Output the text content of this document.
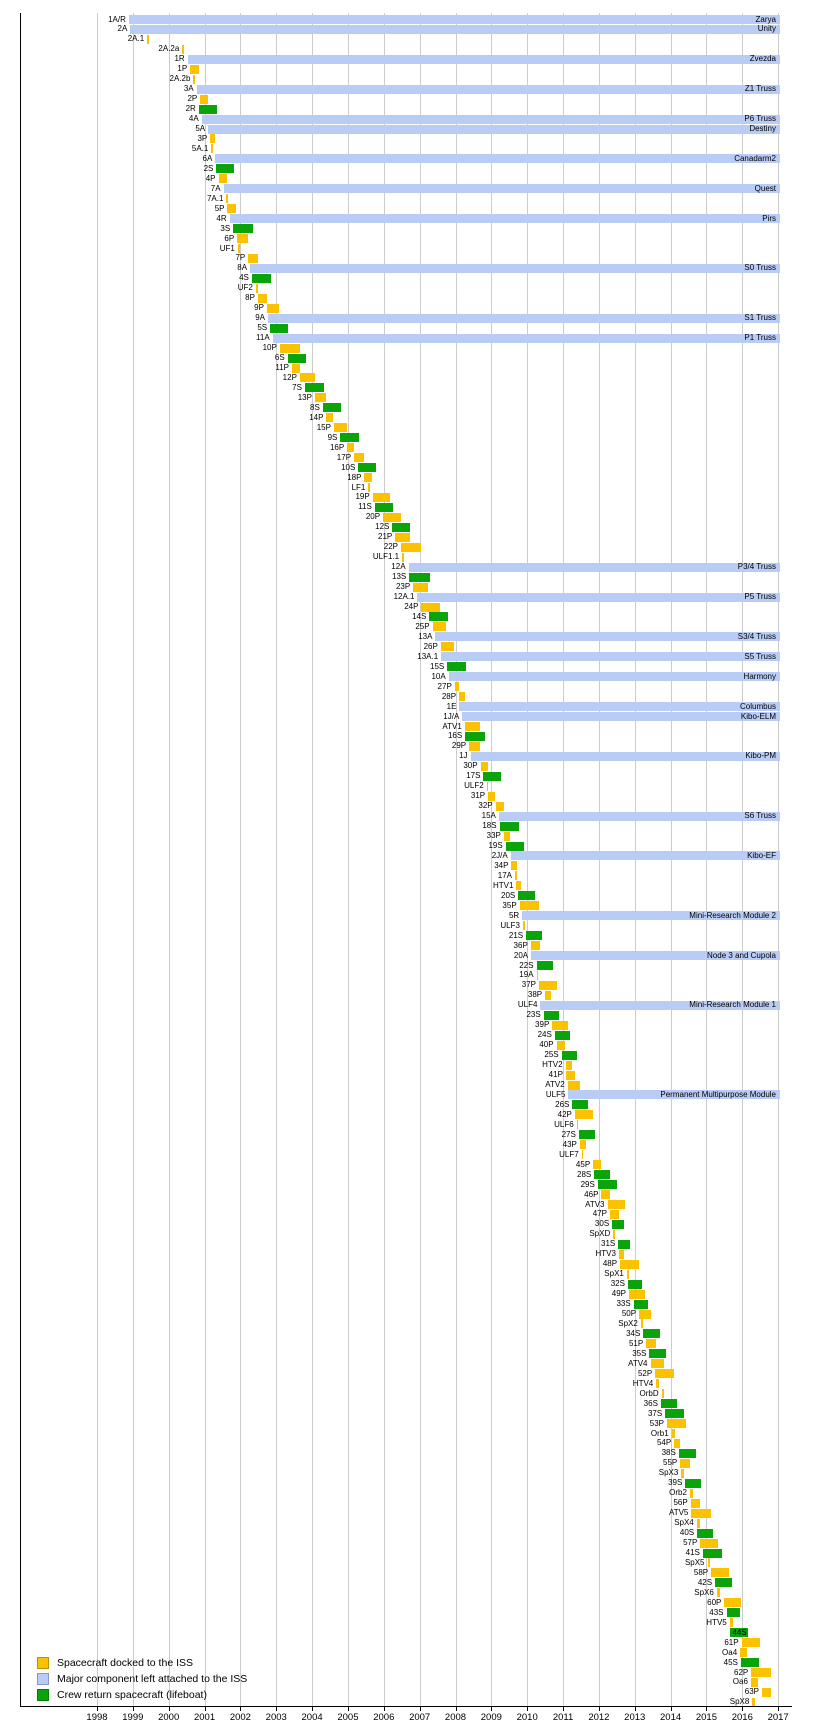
1A/R	Zarya
2A	Unity
2A.1
2A.2a
1R	Zvezda
1P
2A.2b
3A	Z1 Truss
2P
2R
4A	P6 Truss
5A	Destiny
3P
5A.1
6A	Canadarm2
2S
4P
7A	Quest
7A.1
5P
4R	Pirs
3S
6P
UF1
7P
8A	S0 Truss
4S
UF2
8P
9P
9A	S1 Truss
5S
11A	P1 Truss
10P
6S
11P
12P
7S
13P
8S
14P
15P
9S
16P
17P
10S
18P
LF1
19P
11S
20P
12S
21P
22P
ULF1.1
12A	P3/4 Truss
13S
23P
12A.1	P5 Truss
24P
14S
25P
13A	S3/4 Truss
26P
13A.1	S5 Truss
15S
10A	Harmony
27P
28P
1E	Columbus
1J/A	Kibo-ELM
ATV1
16S
29P
1J	Kibo-PM
30P
17S
ULF2
31P
32P
15A	S6 Truss
18S
33P
19S
2J/A	Kibo-EF
34P
17A
HTV1
20S
35P
5R	Mini-Research Module 2
ULF3
21S
36P
20A	Node 3 and Cupola
22S
19A
37P
38P
ULF4	Mini-Research Module 1
23S
39P
24S
40P
25S
HTV2
41P
ATV2
ULF5	Permanent Multipurpose Module
26S
42P
ULF6
27S
43P
ULF7
45P
28S
29S
46P
ATV3
47P
30S
SpXD
31S
HTV3
48P
SpX1
32S
49P
33S
50P
SpX2
34S
51P
35S
ATV4
52P
HTV4
OrbD
36S
37S
53P
Orb1
54P
38S
55P
SpX3
39S
Orb2
56P
ATV5
SpX4
40S
57P
41S
SpX5
58P
42S
SpX6
60P
43S
HTV5
44S
61P
Oa4
45S
62P
Oa6
63P
SpX8
1998	1999	2000	2001	2002	2003	2004	2005	2006	2007	2008	2009	2010	2011	2012	2013	2014	2015	2016	2017
Spacecraft docked to the ISS
Major component left attached to the ISS
Crew return spacecraft (lifeboat)
